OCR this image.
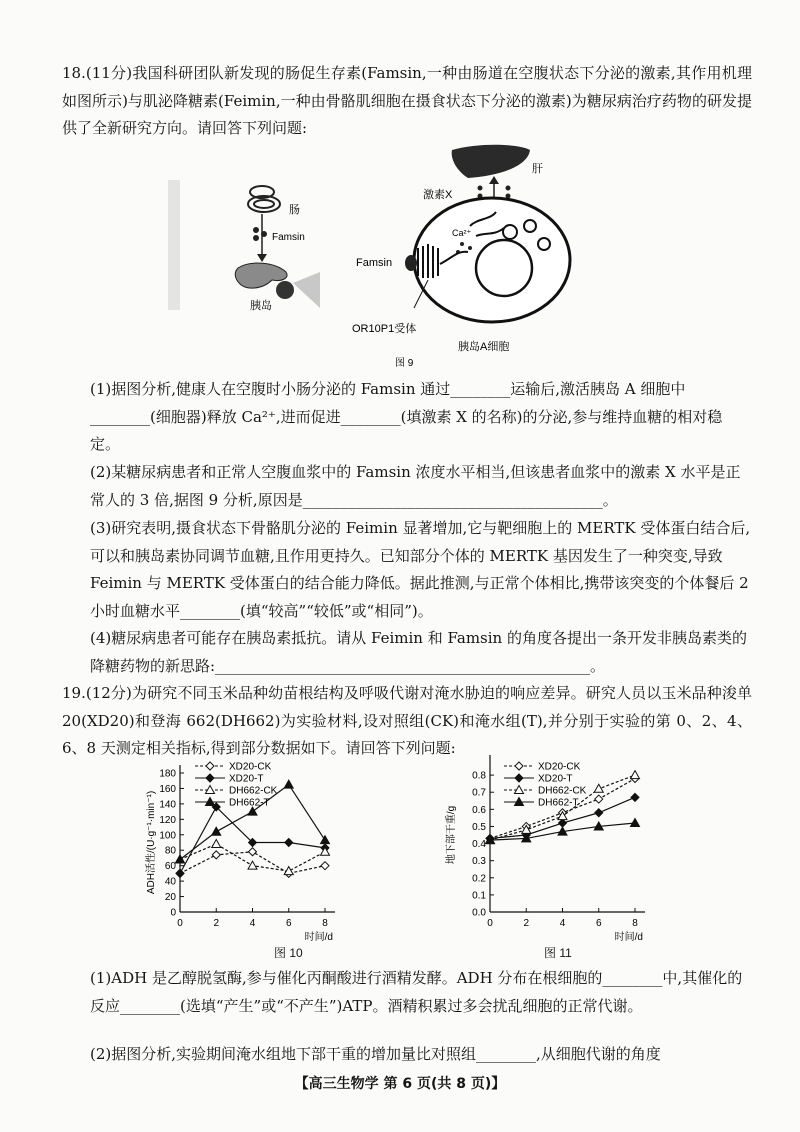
18.(11分)我国科研团队新发现的肠促生存素(Famsin,一种由肠道在空腹状态下分泌的激素,其作用机理如图所示)与肌泌降糖素(Feimin,一种由骨骼肌细胞在摄食状态下分泌的激素)为糖尿病治疗药物的研发提供了全新研究方向。请回答下列问题:
肠
Famsin
胰岛
肝
激素X
Ca²⁺
Famsin
OR10P1受体
胰岛A细胞
图 9
(1)据图分析,健康人在空腹时小肠分泌的 Famsin 通过________运输后,激活胰岛 A 细胞中________(细胞器)释放 Ca²⁺,进而促进________(填激素 X 的名称)的分泌,参与维持血糖的相对稳定。
(2)某糖尿病患者和正常人空腹血浆中的 Famsin 浓度水平相当,但该患者血浆中的激素 X 水平是正常人的 3 倍,据图 9 分析,原因是________________________________________。
(3)研究表明,摄食状态下骨骼肌分泌的 Feimin 显著增加,它与靶细胞上的 MERTK 受体蛋白结合后,可以和胰岛素协同调节血糖,且作用更持久。已知部分个体的 MERTK 基因发生了一种突变,导致 Feimin 与 MERTK 受体蛋白的结合能力降低。据此推测,与正常个体相比,携带该突变的个体餐后 2 小时血糖水平________(填“较高”“较低”或“相同”)。
(4)糖尿病患者可能存在胰岛素抵抗。请从 Feimin 和 Famsin 的角度各提出一条开发非胰岛素类的降糖药物的新思路:__________________________________________________。
19.(12分)为研究不同玉米品种幼苗根结构及呼吸代谢对淹水胁迫的响应差异。研究人员以玉米品种浚单 20(XD20)和登海 662(DH662)为实验材料,设对照组(CK)和淹水组(T),并分别于实验的第 0、2、4、6、8 天测定相关指标,得到部分数据如下。请回答下列问题:
0
20
40
60
80
100
120
140
160
180
0	2	4	6	8
时间/d
ADH活性/(U·g⁻¹·min⁻¹)
XD20-CK
XD20-T
DH662-CK
DH662-T
0.0
0.1
0.2
0.3
0.4
0.5
0.6
0.7
0.8
0	2	4	6	8
时间/d
地下部干重/g
XD20-CK
XD20-T
DH662-CK
DH662-T
图 10	图 11
(1)ADH 是乙醇脱氢酶,参与催化丙酮酸进行酒精发酵。ADH 分布在根细胞的________中,其催化的反应________(选填“产生”或“不产生”)ATP。酒精积累过多会扰乱细胞的正常代谢。
(2)据图分析,实验期间淹水组地下部干重的增加量比对照组________,从细胞代谢的角度
【高三生物学 第 6 页(共 8 页)】
